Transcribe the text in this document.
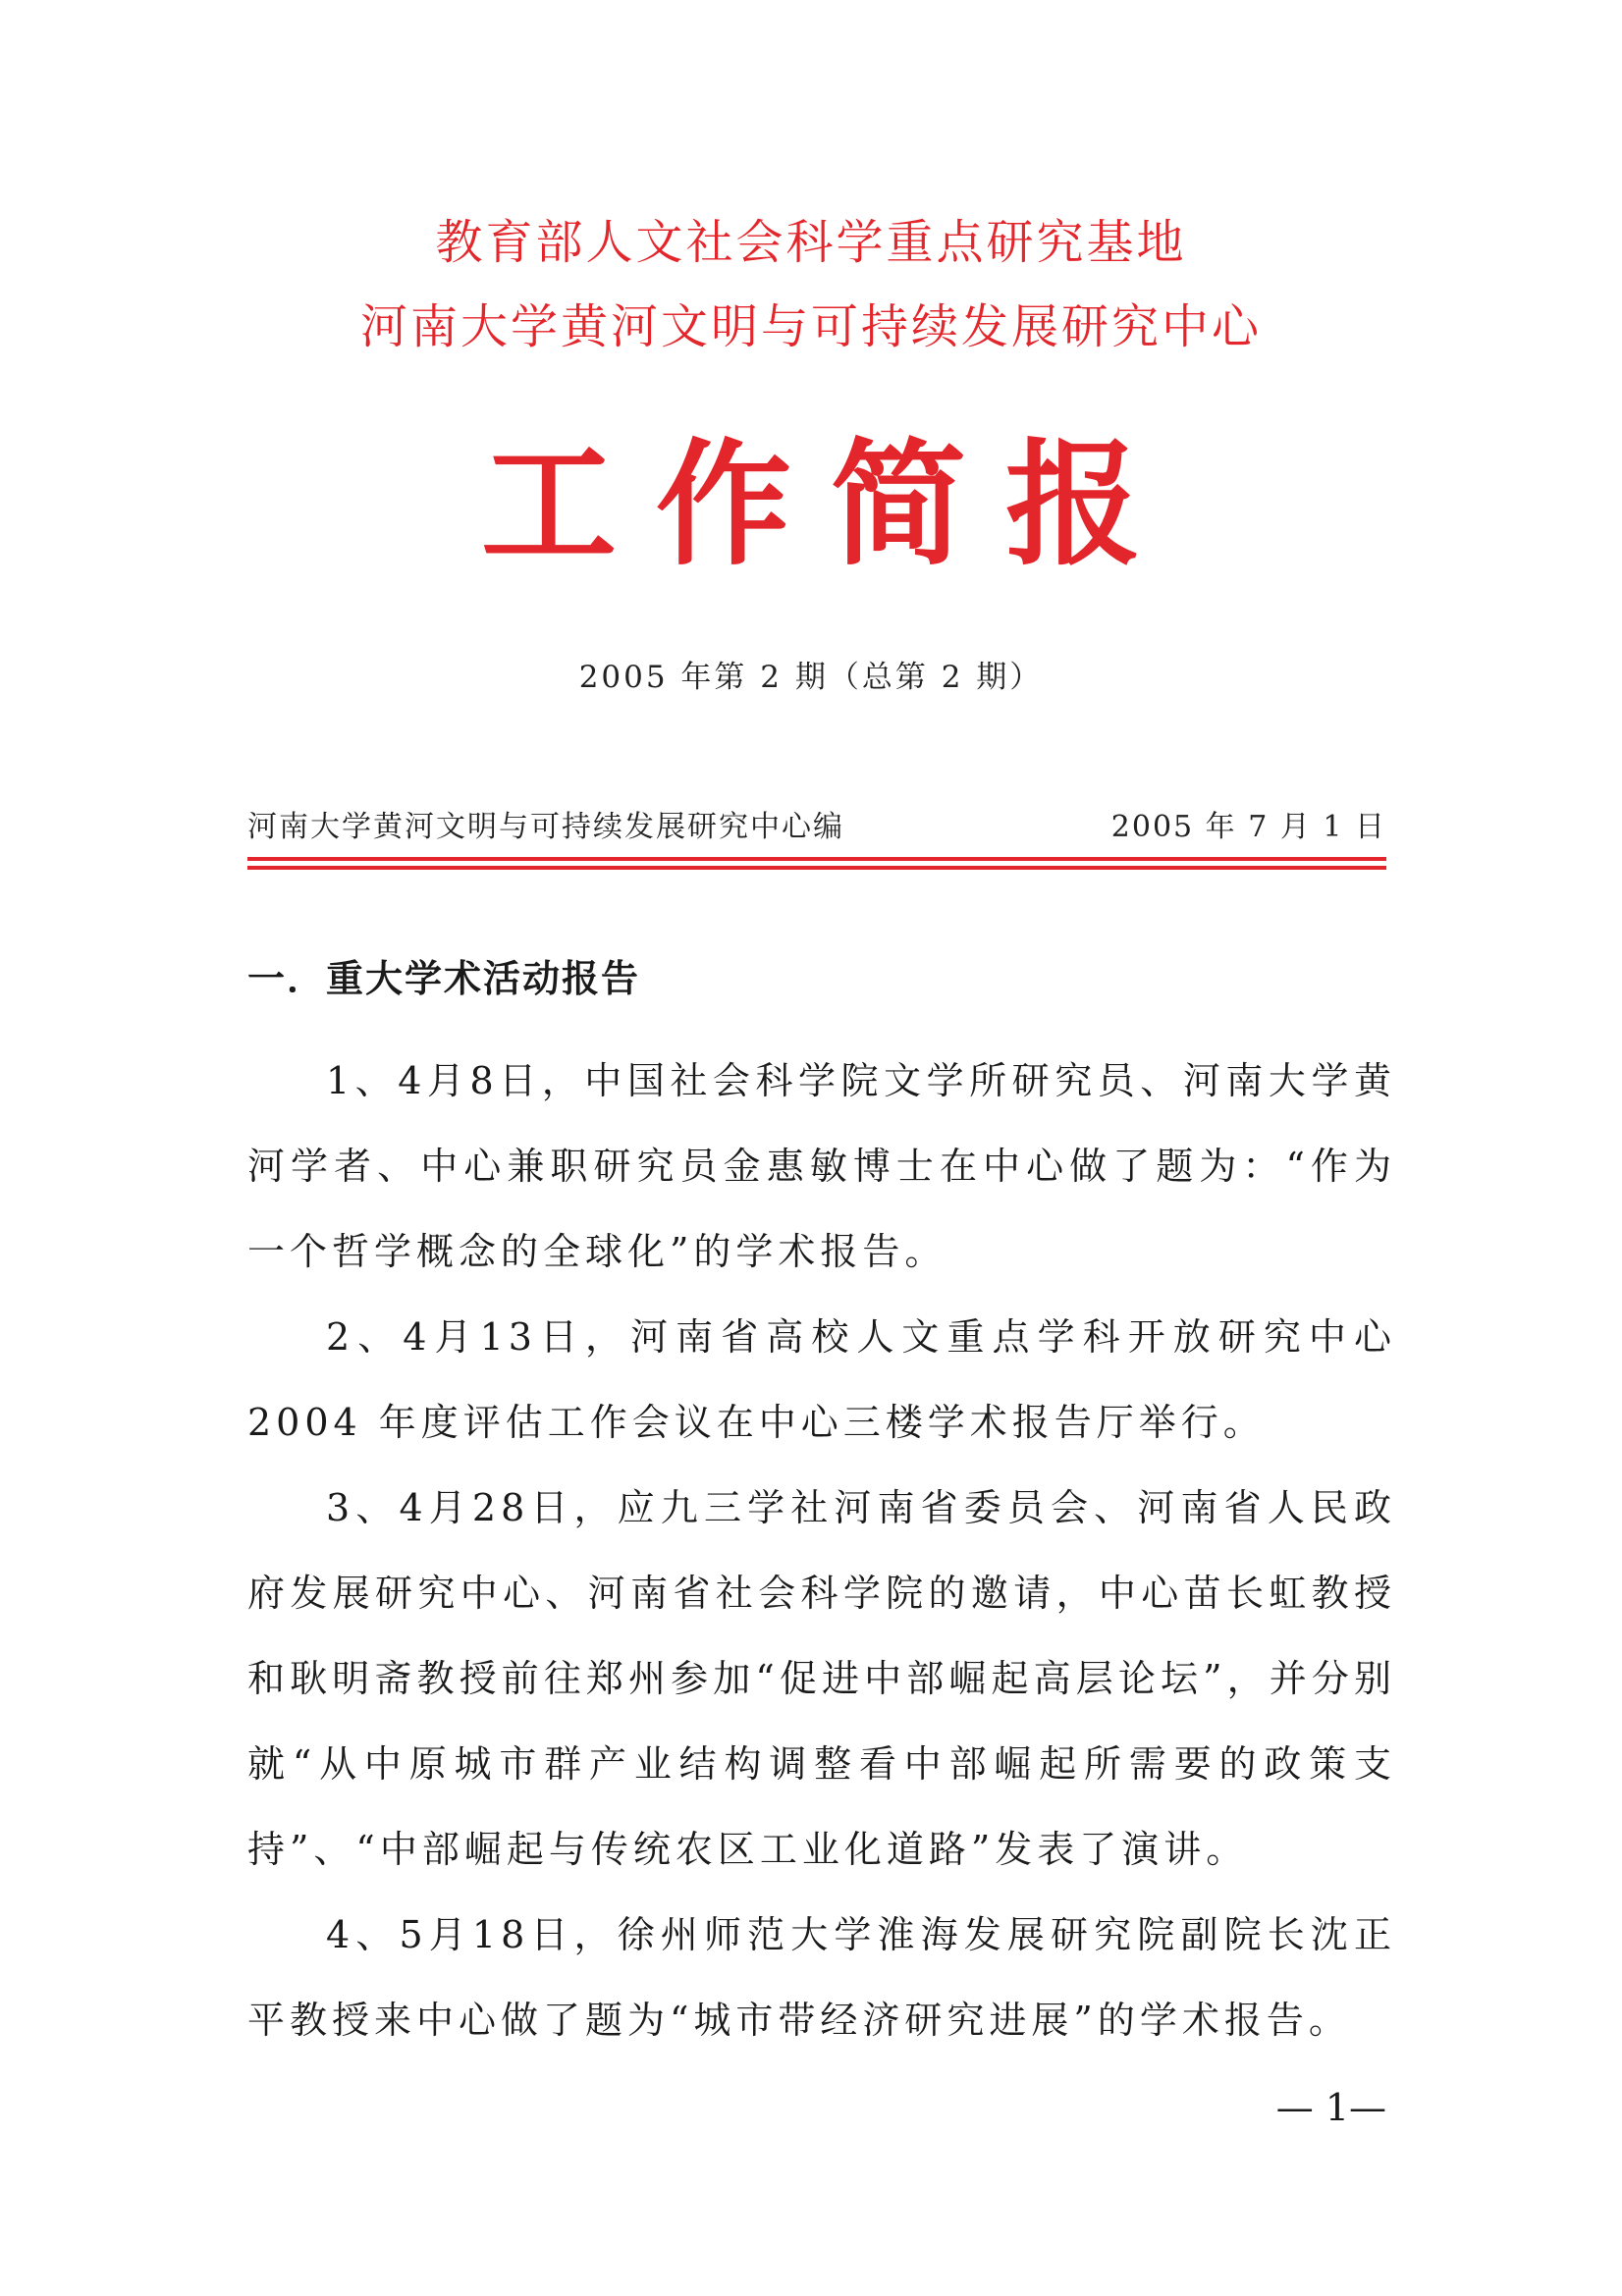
教育部人文社会科学重点研究基地
河南大学黄河文明与可持续发展研究中心
工作简报
2005 年第 2 期（总第 2 期）
河南大学黄河文明与可持续发展研究中心编	2005 年 7 月 1 日
一．重大学术活动报告

1、4月8日，中国社会科学院文学所研究员、河南大学黄河学者、中心兼职研究员金惠敏博士在中心做了题为：“作为一个哲学概念的全球化”的学术报告。

2、4月13日，河南省高校人文重点学科开放研究中心 2004 年度评估工作会议在中心三楼学术报告厅举行。

3、4月28日，应九三学社河南省委员会、河南省人民政府发展研究中心、河南省社会科学院的邀请，中心苗长虹教授和耿明斋教授前往郑州参加“促进中部崛起高层论坛”，并分别就“从中原城市群产业结构调整看中部崛起所需要的政策支持”、“中部崛起与传统农区工业化道路”发表了演讲。

4、5月18日，徐州师范大学淮海发展研究院副院长沈正平教授来中心做了题为“城市带经济研究进展”的学术报告。

— 1—
